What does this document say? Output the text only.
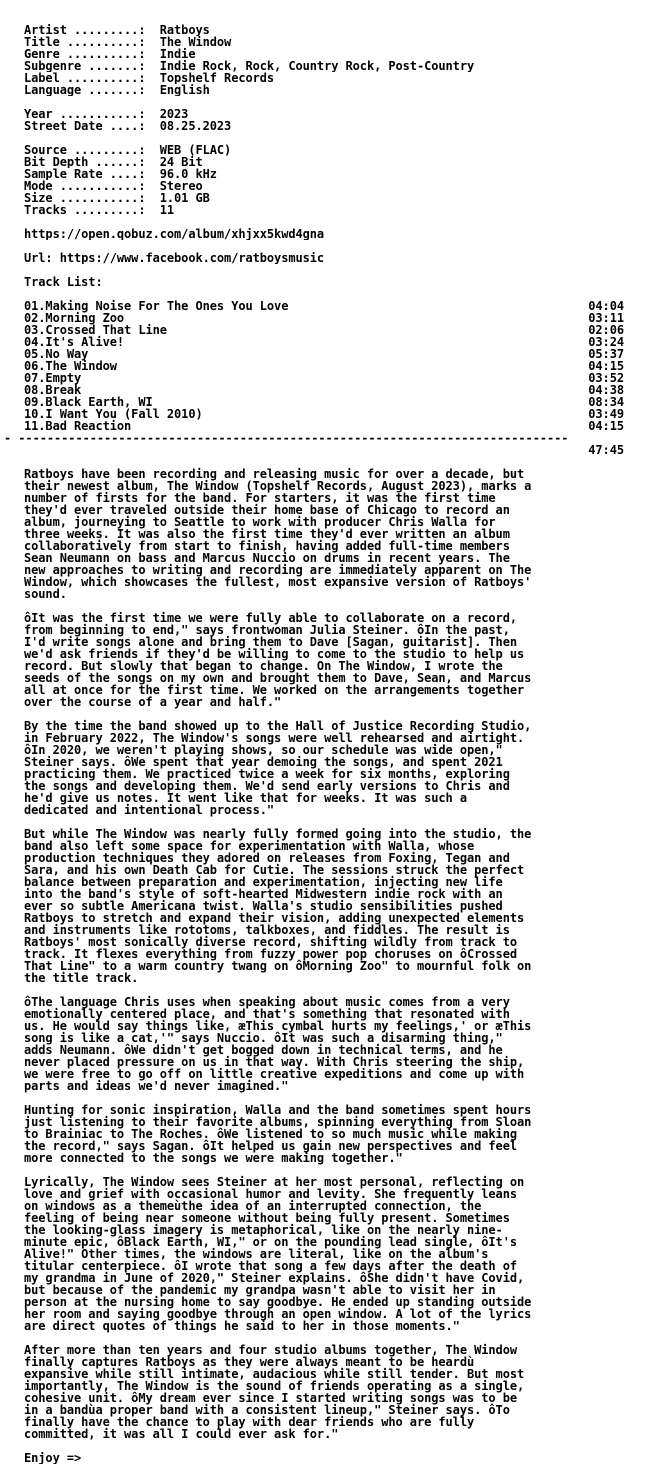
Artist .........:  Ratboys
Title ..........:  The Window
Genre ..........:  Indie
Subgenre .......:  Indie Rock, Rock, Country Rock, Post-Country
Label ..........:  Topshelf Records
Language .......:  English
Year ...........:  2023
Street Date ....:  08.25.2023
Source .........:  WEB (FLAC)
Bit Depth ......:  24 Bit
Sample Rate ....:  96.0 kHz
Mode ...........:  Stereo
Size ...........:  1.01 GB
Tracks .........:  11
https://open.qobuz.com/album/xhjxx5kwd4gna
Url: https://www.facebook.com/ratboysmusic
Track List:
01.Making Noise For The Ones You Love	04:04
02.Morning Zoo	03:11
03.Crossed That Line	02:06
04.It's Alive!	03:24
05.No Way	05:37
06.The Window	04:15
07.Empty	03:52
08.Break	04:38
09.Black Earth, WI	08:34
10.I Want You (Fall 2010)	03:49
11.Bad Reaction	04:15
- -----------------------------------------------------------------------------
47:45
Ratboys have been recording and releasing music for over a decade, but
their newest album, The Window (Topshelf Records, August 2023), marks a
number of firsts for the band. For starters, it was the first time
they'd ever traveled outside their home base of Chicago to record an
album, journeying to Seattle to work with producer Chris Walla for
three weeks. It was also the first time they'd ever written an album
collaboratively from start to finish, having added full-time members
Sean Neumann on bass and Marcus Nuccio on drums in recent years. The
new approaches to writing and recording are immediately apparent on The
Window, which showcases the fullest, most expansive version of Ratboys'
sound.
ôIt was the first time we were fully able to collaborate on a record,
from beginning to end," says frontwoman Julia Steiner. ôIn the past,
I'd write songs alone and bring them to Dave [Sagan, guitarist]. Then
we'd ask friends if they'd be willing to come to the studio to help us
record. But slowly that began to change. On The Window, I wrote the
seeds of the songs on my own and brought them to Dave, Sean, and Marcus
all at once for the first time. We worked on the arrangements together
over the course of a year and half."
By the time the band showed up to the Hall of Justice Recording Studio,
in February 2022, The Window's songs were well rehearsed and airtight.
ôIn 2020, we weren't playing shows, so our schedule was wide open,"
Steiner says. ôWe spent that year demoing the songs, and spent 2021
practicing them. We practiced twice a week for six months, exploring
the songs and developing them. We'd send early versions to Chris and
he'd give us notes. It went like that for weeks. It was such a
dedicated and intentional process."
But while The Window was nearly fully formed going into the studio, the
band also left some space for experimentation with Walla, whose
production techniques they adored on releases from Foxing, Tegan and
Sara, and his own Death Cab for Cutie. The sessions struck the perfect
balance between preparation and experimentation, injecting new life
into the band's style of soft-hearted Midwestern indie rock with an
ever so subtle Americana twist. Walla's studio sensibilities pushed
Ratboys to stretch and expand their vision, adding unexpected elements
and instruments like rototoms, talkboxes, and fiddles. The result is
Ratboys' most sonically diverse record, shifting wildly from track to
track. It flexes everything from fuzzy power pop choruses on ôCrossed
That Line" to a warm country twang on ôMorning Zoo" to mournful folk on
the title track.
ôThe language Chris uses when speaking about music comes from a very
emotionally centered place, and that's something that resonated with
us. He would say things like, æThis cymbal hurts my feelings,' or æThis
song is like a cat,'" says Nuccio. ôIt was such a disarming thing,"
adds Neumann. ôWe didn't get bogged down in technical terms, and he
never placed pressure on us in that way. With Chris steering the ship,
we were free to go off on little creative expeditions and come up with
parts and ideas we'd never imagined."
Hunting for sonic inspiration, Walla and the band sometimes spent hours
just listening to their favorite albums, spinning everything from Sloan
to Brainiac to The Roches. ôWe listened to so much music while making
the record," says Sagan. ôIt helped us gain new perspectives and feel
more connected to the songs we were making together."
Lyrically, The Window sees Steiner at her most personal, reflecting on
love and grief with occasional humor and levity. She frequently leans
on windows as a themeùthe idea of an interrupted connection, the
feeling of being near someone without being fully present. Sometimes
the looking-glass imagery is metaphorical, like on the nearly nine-
minute epic, ôBlack Earth, WI," or on the pounding lead single, ôIt's
Alive!" Other times, the windows are literal, like on the album's
titular centerpiece. ôI wrote that song a few days after the death of
my grandma in June of 2020," Steiner explains. ôShe didn't have Covid,
but because of the pandemic my grandpa wasn't able to visit her in
person at the nursing home to say goodbye. He ended up standing outside
her room and saying goodbye through an open window. A lot of the lyrics
are direct quotes of things he said to her in those moments."
After more than ten years and four studio albums together, The Window
finally captures Ratboys as they were always meant to be heardù
expansive while still intimate, audacious while still tender. But most
importantly, The Window is the sound of friends operating as a single,
cohesive unit. ôMy dream ever since I started writing songs was to be
in a bandùa proper band with a consistent lineup," Steiner says. ôTo
finally have the chance to play with dear friends who are fully
committed, it was all I could ever ask for."
Enjoy =>
